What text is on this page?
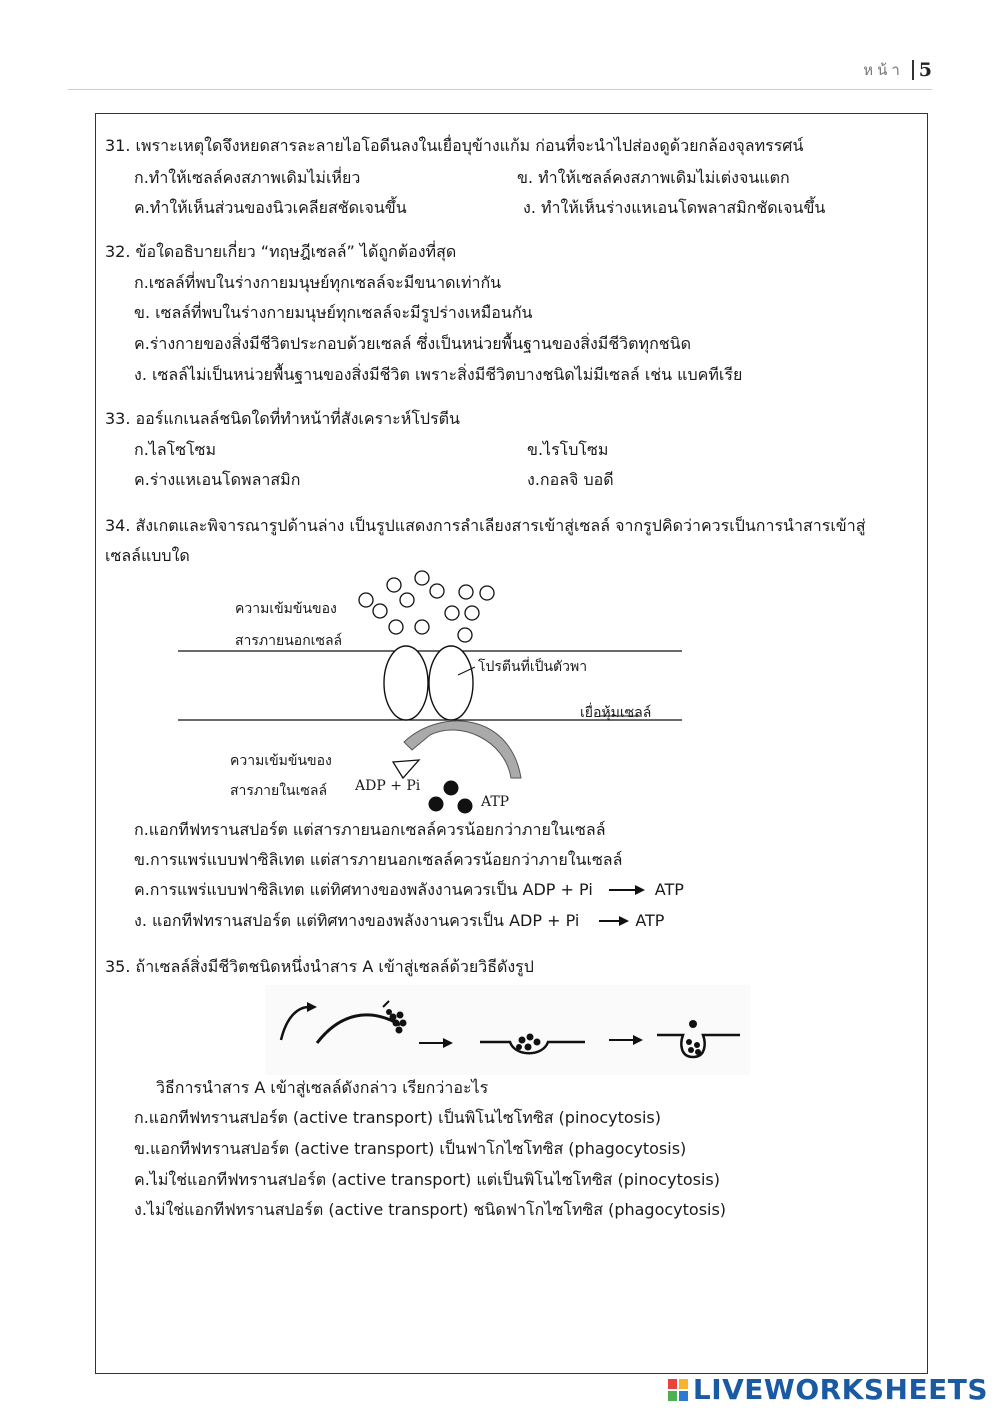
หน้า 5
31. เพราะเหตุใดจึงหยดสารละลายไอโอดีนลงในเยื่อบุข้างแก้ม ก่อนที่จะนำไปส่องดูด้วยกล้องจุลทรรศน์
ก.ทำให้เซลล์คงสภาพเดิมไม่เหี่ยว	ข. ทำให้เซลล์คงสภาพเดิมไม่เต่งจนแตก
ค.ทำให้เห็นส่วนของนิวเคลียสชัดเจนขึ้น	ง. ทำให้เห็นร่างแหเอนโดพลาสมิกชัดเจนขึ้น
32. ข้อใดอธิบายเกี่ยว “ทฤษฎีเซลล์” ได้ถูกต้องที่สุด
ก.เซลล์ที่พบในร่างกายมนุษย์ทุกเซลล์จะมีขนาดเท่ากัน
ข. เซลล์ที่พบในร่างกายมนุษย์ทุกเซลล์จะมีรูปร่างเหมือนกัน
ค.ร่างกายของสิ่งมีชีวิตประกอบด้วยเซลล์ ซึ่งเป็นหน่วยพื้นฐานของสิ่งมีชีวิตทุกชนิด
ง. เซลล์ไม่เป็นหน่วยพื้นฐานของสิ่งมีชีวิต เพราะสิ่งมีชีวิตบางชนิดไม่มีเซลล์ เช่น แบคทีเรีย
33. ออร์แกเนลล์ชนิดใดที่ทำหน้าที่สังเคราะห์โปรตีน
ก.ไลโซโซม	ข.ไรโบโซม
ค.ร่างแหเอนโดพลาสมิก	ง.กอลจิ บอดี
34. สังเกตและพิจารณารูปด้านล่าง เป็นรูปแสดงการลำเลียงสารเข้าสู่เซลล์ จากรูปคิดว่าควรเป็นการนำสารเข้าสู่
เซลล์แบบใด
ความเข้มข้นของ
สารภายนอกเซลล์
โปรตีนที่เป็นตัวพา
เยื่อหุ้มเซลล์
ความเข้มข้นของ
สารภายในเซลล์ ADP + Pi
ATP
ก.แอกทีฟทรานสปอร์ต แต่สารภายนอกเซลล์ควรน้อยกว่าภายในเซลล์
ข.การแพร่แบบฟาซิลิเทต แต่สารภายนอกเซลล์ควรน้อยกว่าภายในเซลล์
ค.การแพร่แบบฟาซิลิเทต แต่ทิศทางของพลังงานควรเป็น ADP + Pi	ATP
ง. แอกทีฟทรานสปอร์ต แต่ทิศทางของพลังงานควรเป็น ADP + Pi	ATP
35. ถ้าเซลล์สิ่งมีชีวิตชนิดหนึ่งนำสาร A เข้าสู่เซลล์ด้วยวิธีดังรูป
วิธีการนำสาร A เข้าสู่เซลล์ดังกล่าว เรียกว่าอะไร
ก.แอกทีฟทรานสปอร์ต (active transport) เป็นพิโนไซโทซิส (pinocytosis)
ข.แอกทีฟทรานสปอร์ต (active transport) เป็นฟาโกไซโทซิส (phagocytosis)
ค.ไม่ใช่แอกทีฟทรานสปอร์ต (active transport) แต่เป็นพิโนไซโทซิส (pinocytosis)
ง.ไม่ใช่แอกทีฟทรานสปอร์ต (active transport) ชนิดฟาโกไซโทซิส (phagocytosis)
LIVEWORKSHEETS
